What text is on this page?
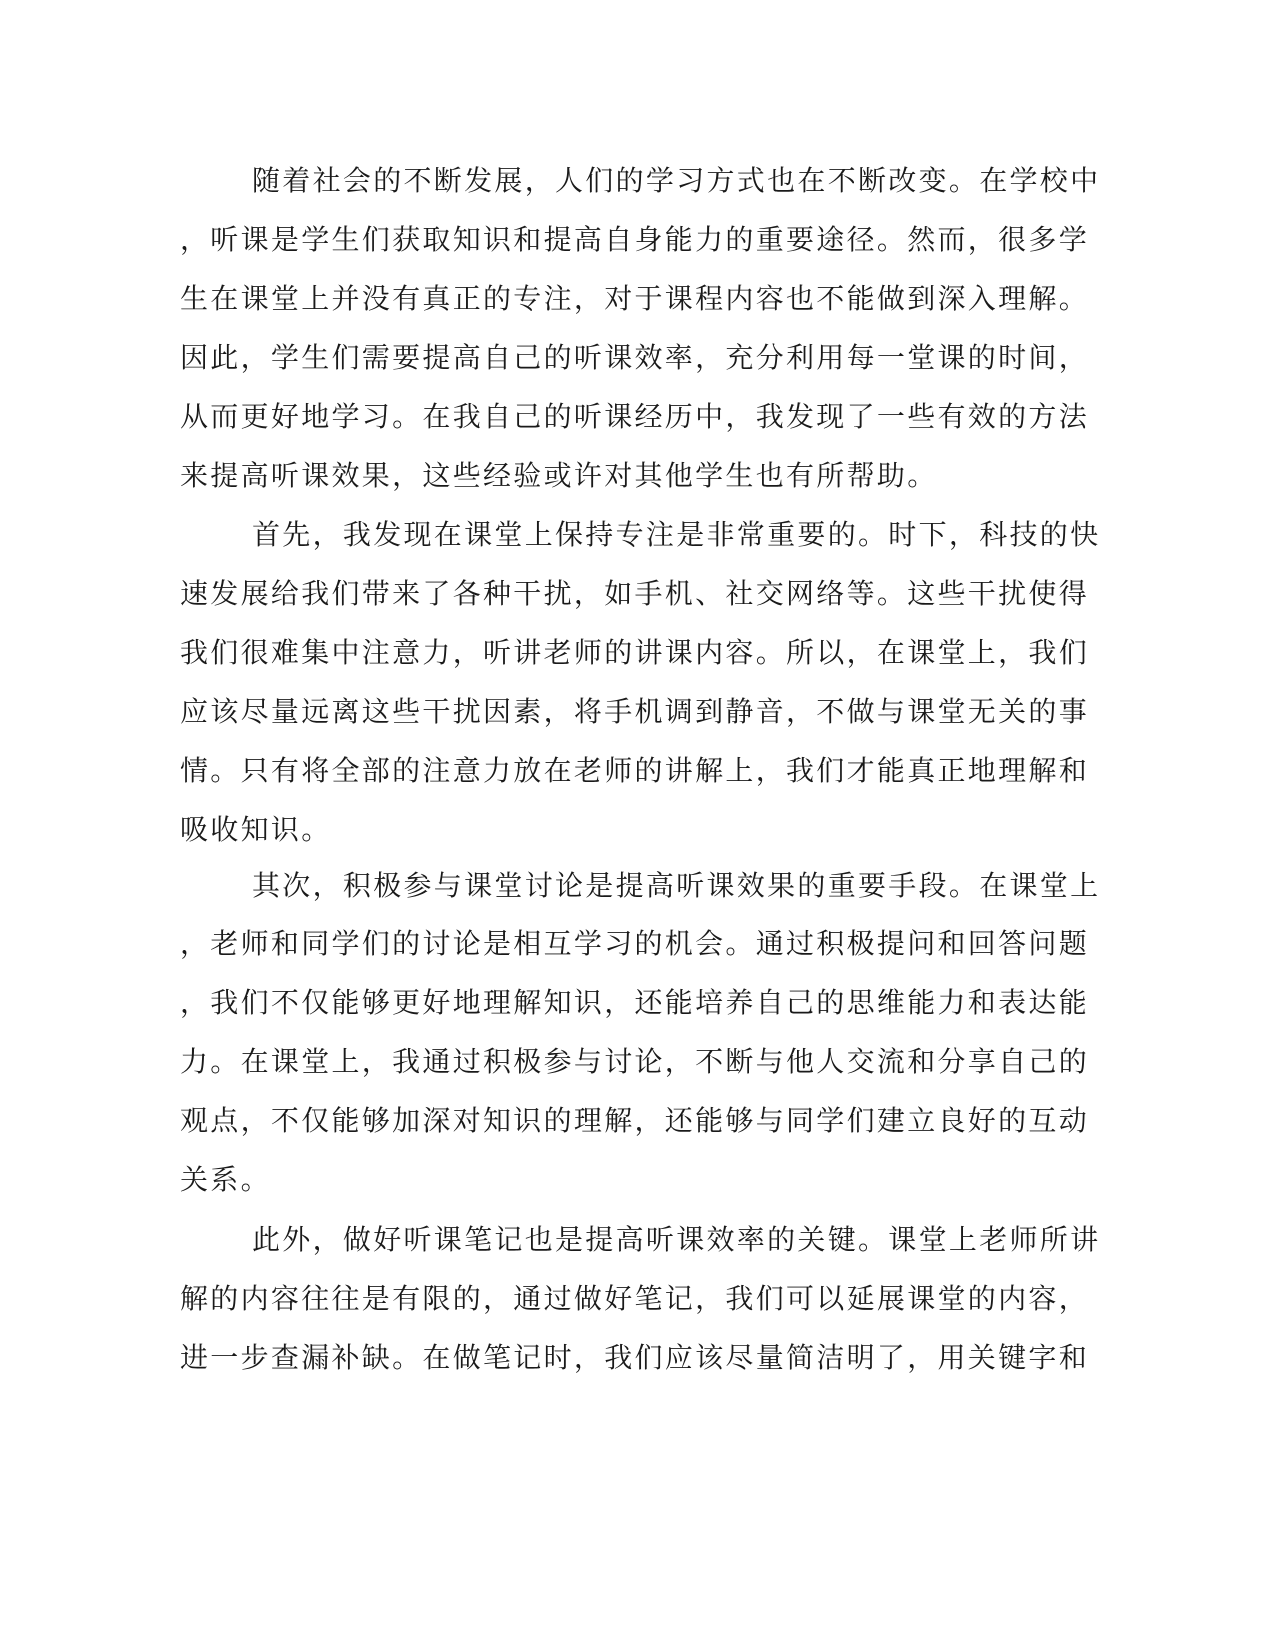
随着社会的不断发展，人们的学习方式也在不断改变。在学校中
，听课是学生们获取知识和提高自身能力的重要途径。然而，很多学
生在课堂上并没有真正的专注，对于课程内容也不能做到深入理解。
因此，学生们需要提高自己的听课效率，充分利用每一堂课的时间，
从而更好地学习。在我自己的听课经历中，我发现了一些有效的方法
来提高听课效果，这些经验或许对其他学生也有所帮助。
首先，我发现在课堂上保持专注是非常重要的。时下，科技的快
速发展给我们带来了各种干扰，如手机、社交网络等。这些干扰使得
我们很难集中注意力，听讲老师的讲课内容。所以，在课堂上，我们
应该尽量远离这些干扰因素，将手机调到静音，不做与课堂无关的事
情。只有将全部的注意力放在老师的讲解上，我们才能真正地理解和
吸收知识。
其次，积极参与课堂讨论是提高听课效果的重要手段。在课堂上
，老师和同学们的讨论是相互学习的机会。通过积极提问和回答问题
，我们不仅能够更好地理解知识，还能培养自己的思维能力和表达能
力。在课堂上，我通过积极参与讨论，不断与他人交流和分享自己的
观点，不仅能够加深对知识的理解，还能够与同学们建立良好的互动
关系。
此外，做好听课笔记也是提高听课效率的关键。课堂上老师所讲
解的内容往往是有限的，通过做好笔记，我们可以延展课堂的内容，
进一步查漏补缺。在做笔记时，我们应该尽量简洁明了，用关键字和
